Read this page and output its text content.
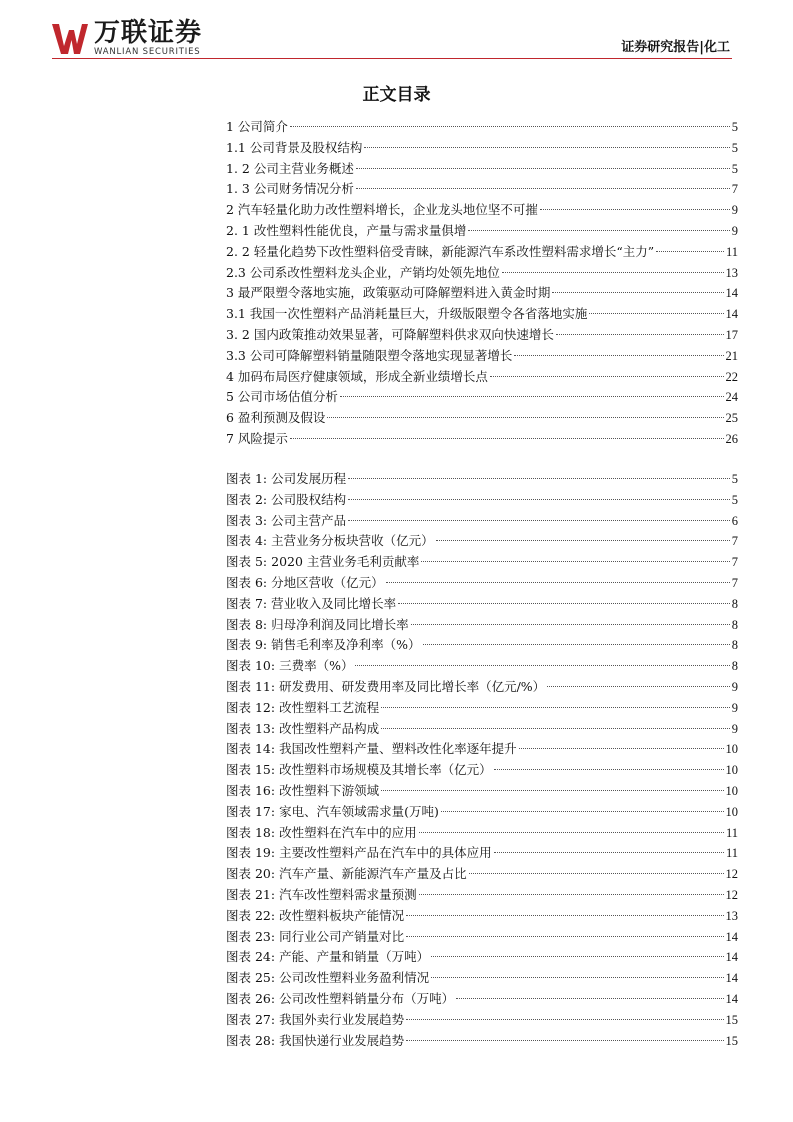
万联证券
WANLIAN SECURITIES	证券研究报告|化工
正文目录
1 公司简介	5
1.1 公司背景及股权结构	5
1. 2 公司主营业务概述	5
1. 3 公司财务情况分析	7
2 汽车轻量化助力改性塑料增长，企业龙头地位坚不可摧	9
2. 1 改性塑料性能优良，产量与需求量俱增	9
2. 2 轻量化趋势下改性塑料倍受青睐，新能源汽车系改性塑料需求增长“主力”	11
2.3 公司系改性塑料龙头企业，产销均处领先地位	13
3 最严限塑令落地实施，政策驱动可降解塑料进入黄金时期	14
3.1 我国一次性塑料产品消耗量巨大，升级版限塑令各省落地实施	14
3. 2 国内政策推动效果显著，可降解塑料供求双向快速增长	17
3.3 公司可降解塑料销量随限塑令落地实现显著增长	21
4 加码布局医疗健康领域，形成全新业绩增长点	22
5 公司市场估值分析	24
6 盈利预测及假设	25
7 风险提示	26
图表 1: 公司发展历程	5
图表 2: 公司股权结构	5
图表 3: 公司主营产品	6
图表 4: 主营业务分板块营收（亿元）	7
图表 5: 2020 主营业务毛利贡献率	7
图表 6: 分地区营收（亿元）	7
图表 7: 营业收入及同比增长率	8
图表 8: 归母净利润及同比增长率	8
图表 9: 销售毛利率及净利率（%）	8
图表 10: 三费率（%）	8
图表 11: 研发费用、研发费用率及同比增长率（亿元/%）	9
图表 12: 改性塑料工艺流程	9
图表 13: 改性塑料产品构成	9
图表 14: 我国改性塑料产量、塑料改性化率逐年提升	10
图表 15: 改性塑料市场规模及其增长率（亿元）	10
图表 16: 改性塑料下游领域	10
图表 17: 家电、汽车领域需求量(万吨)	10
图表 18: 改性塑料在汽车中的应用	11
图表 19: 主要改性塑料产品在汽车中的具体应用	11
图表 20: 汽车产量、新能源汽车产量及占比	12
图表 21: 汽车改性塑料需求量预测	12
图表 22: 改性塑料板块产能情况	13
图表 23: 同行业公司产销量对比	14
图表 24: 产能、产量和销量（万吨）	14
图表 25: 公司改性塑料业务盈利情况	14
图表 26: 公司改性塑料销量分布（万吨）	14
图表 27: 我国外卖行业发展趋势	15
图表 28: 我国快递行业发展趋势	15
